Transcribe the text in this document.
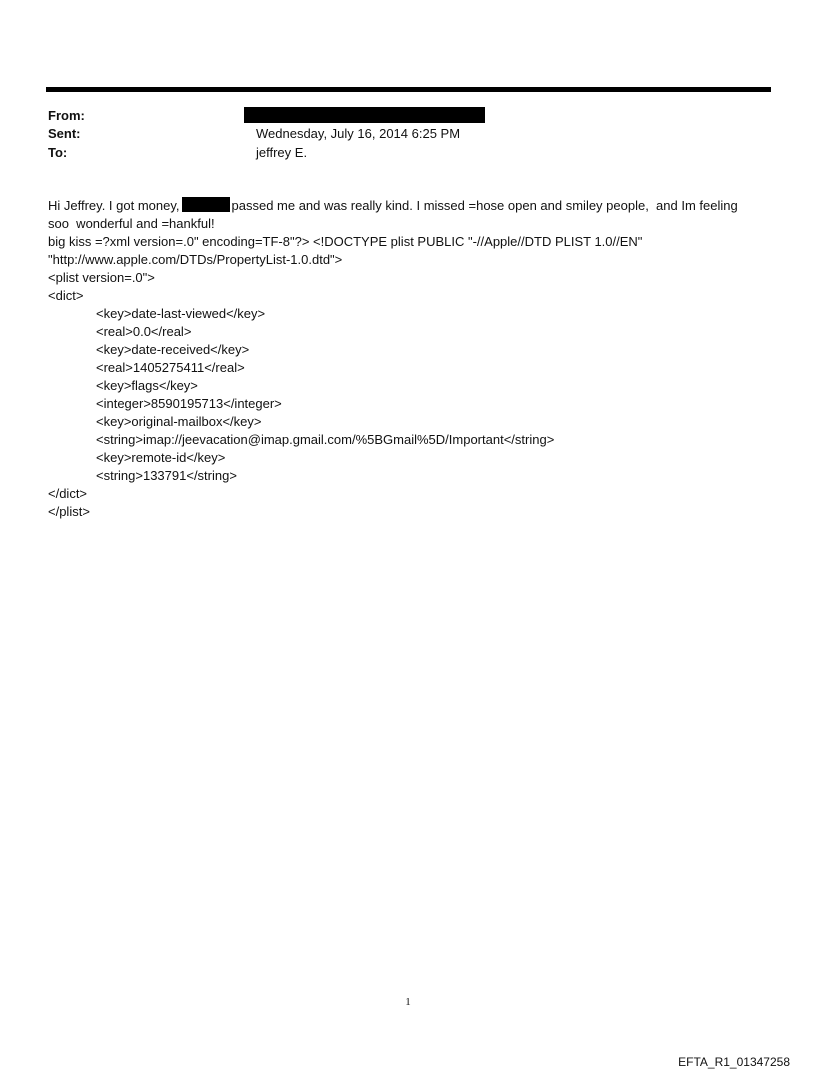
From:
Sent:	Wednesday, July 16, 2014 6:25 PM
To:	jeffrey E.
Hi Jeffrey. I got money,	passed me and was really kind. I missed =hose open and smiley people,  and Im feeling
soo  wonderful and =hankful!
big kiss =?xml version=.0" encoding=TF-8"?> <!DOCTYPE plist PUBLIC "-//Apple//DTD PLIST 1.0//EN"
"http://www.apple.com/DTDs/PropertyList-1.0.dtd">
<plist version=.0">
<dict>
<key>date-last-viewed</key>
<real>0.0</real>
<key>date-received</key>
<real>1405275411</real>
<key>flags</key>
<integer>8590195713</integer>
<key>original-mailbox</key>
<string>imap://jeevacation@imap.gmail.com/%5BGmail%5D/Important</string>
<key>remote-id</key>
<string>133791</string>
</dict>
</plist>
1
EFTA_R1_01347258
